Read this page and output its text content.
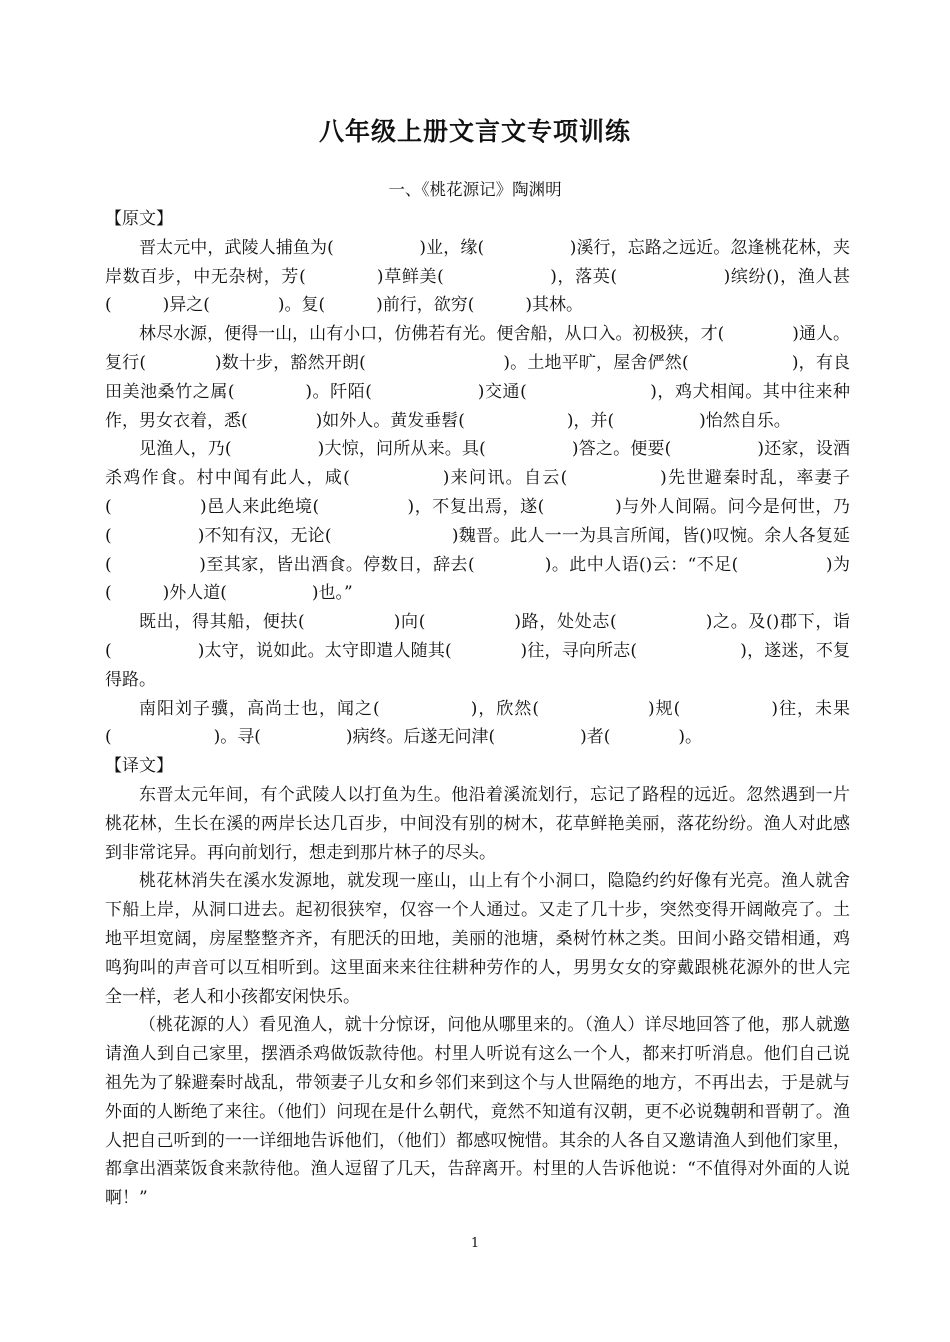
八年级上册文言文专项训练
一、《桃花源记》陶渊明

【原文】

晋太元中，武陵人捕鱼为(　　　　　)业，缘(　　　　　)溪行，忘路之远近。忽逢桃花林，夹岸数百步，中无杂树，芳(　　　　)草鲜美(　　　　　　)，落英(　　　　　　)缤纷()，渔人甚(　　　)异之(　　　　)。复(　　　)前行，欲穷(　　　)其林。

林尽水源，便得一山，山有小口，仿佛若有光。便舍船，从口入。初极狭，才(　　　　)通人。复行(　　　　)数十步，豁然开朗(　　　　　　　　)。土地平旷，屋舍俨然(　　　　　　)，有良田美池桑竹之属(　　　　)。阡陌(　　　　　　)交通(　　　　　　　)，鸡犬相闻。其中往来种作，男女衣着，悉(　　　　)如外人。黄发垂髫(　　　　　　)，并(　　　　　)怡然自乐。

见渔人，乃(　　　　　)大惊，问所从来。具(　　　　　)答之。便要(　　　　　)还家，设酒杀鸡作食。村中闻有此人，咸(　　　　　)来问讯。自云(　　　　　)先世避秦时乱，率妻子(　　　　　)邑人来此绝境(　　　　　)，不复出焉，遂(　　　　)与外人间隔。问今是何世，乃(　　　　　)不知有汉，无论(　　　　　　　)魏晋。此人一一为具言所闻，皆()叹惋。余人各复延(　　　　　)至其家，皆出酒食。停数日，辞去(　　　　)。此中人语()云：“不足(　　　　　)为(　　　)外人道(　　　　　)也。”

既出，得其船，便扶(　　　　　)向(　　　　　)路，处处志(　　　　　)之。及()郡下，诣(　　　　　)太守，说如此。太守即遣人随其(　　　　)往，寻向所志(　　　　　　)，遂迷，不复得路。

南阳刘子骥，高尚士也，闻之(　　　　　)，欣然(　　　　　　)规(　　　　　)往，未果(　　　　　　)。寻(　　　　　)病终。后遂无问津(　　　　　)者(　　　　)。

【译文】

东晋太元年间，有个武陵人以打鱼为生。他沿着溪流划行，忘记了路程的远近。忽然遇到一片桃花林，生长在溪的两岸长达几百步，中间没有别的树木，花草鲜艳美丽，落花纷纷。渔人对此感到非常诧异。再向前划行，想走到那片林子的尽头。

桃花林消失在溪水发源地，就发现一座山，山上有个小洞口，隐隐约约好像有光亮。渔人就舍下船上岸，从洞口进去。起初很狭窄，仅容一个人通过。又走了几十步，突然变得开阔敞亮了。土地平坦宽阔，房屋整整齐齐，有肥沃的田地，美丽的池塘，桑树竹林之类。田间小路交错相通，鸡鸣狗叫的声音可以互相听到。这里面来来往往耕种劳作的人，男男女女的穿戴跟桃花源外的世人完全一样，老人和小孩都安闲快乐。

（桃花源的人）看见渔人，就十分惊讶，问他从哪里来的。（渔人）详尽地回答了他，那人就邀请渔人到自己家里，摆酒杀鸡做饭款待他。村里人听说有这么一个人，都来打听消息。他们自己说祖先为了躲避秦时战乱，带领妻子儿女和乡邻们来到这个与人世隔绝的地方，不再出去，于是就与外面的人断绝了来往。（他们）问现在是什么朝代，竟然不知道有汉朝，更不必说魏朝和晋朝了。渔人把自己听到的一一详细地告诉他们，（他们）都感叹惋惜。其余的人各自又邀请渔人到他们家里，都拿出酒菜饭食来款待他。渔人逗留了几天，告辞离开。村里的人告诉他说：“不值得对外面的人说啊！”

1
